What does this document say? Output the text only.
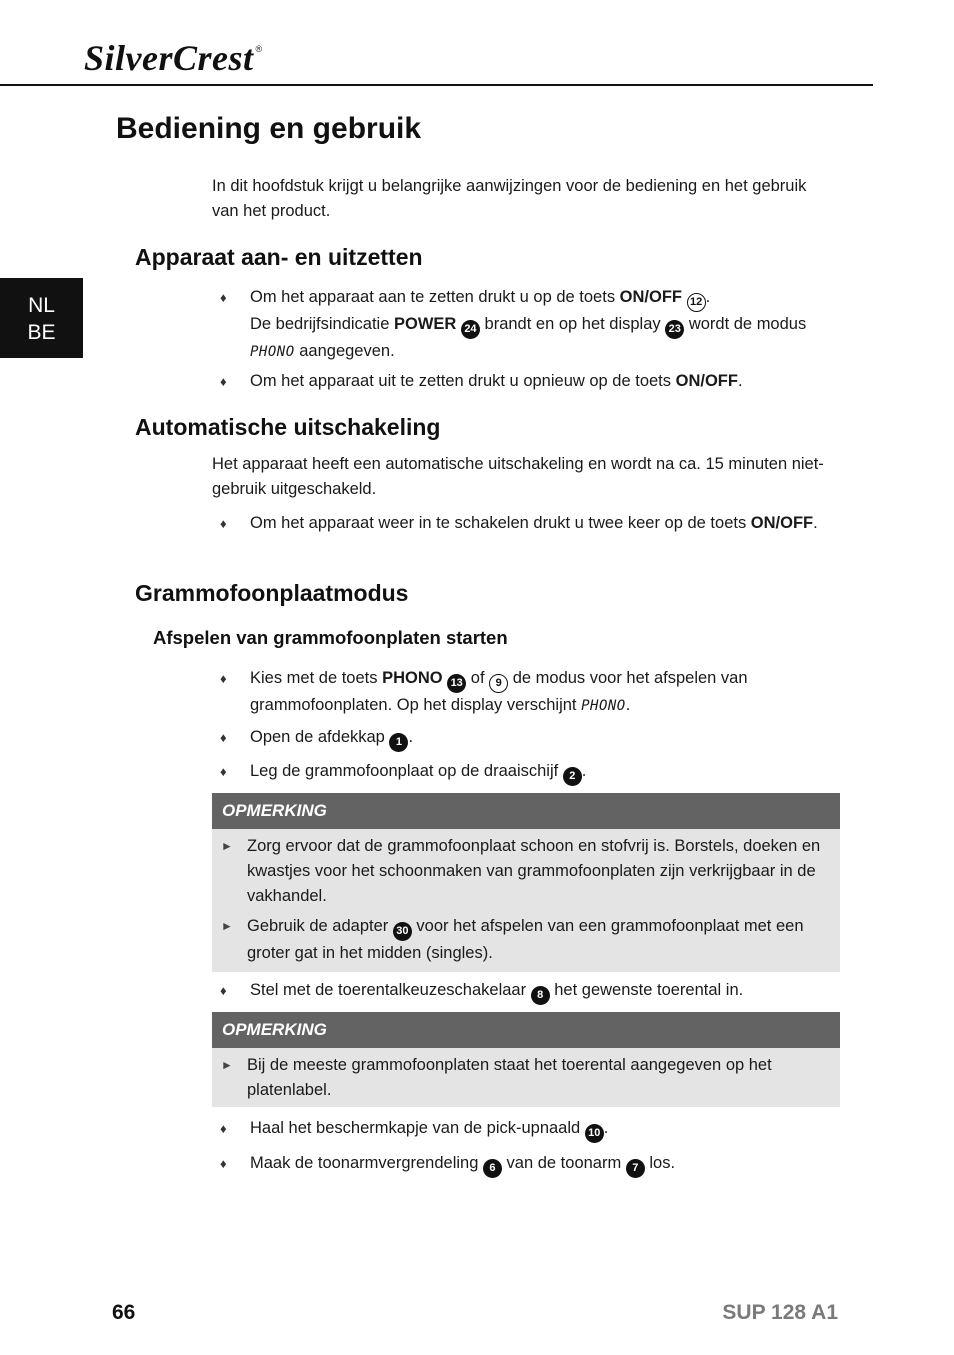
SilverCrest ®
NL
BE
Bediening en gebruik

In dit hoofdstuk krijgt u belangrijke aanwijzingen voor de bediening en het gebruik van het product.

Apparaat aan- en uitzetten
♦ Om het apparaat aan te zetten drukt u op de toets ON/OFF 12 .
De bedrijfsindicatie POWER 24 brandt en op het display 23 wordt de modus PHONO aangegeven.
♦ Om het apparaat uit te zetten drukt u opnieuw op de toets ON/OFF.
Automatische uitschakeling

Het apparaat heeft een automatische uitschakeling en wordt na ca. 15 minuten niet-gebruik uitgeschakeld.

♦ Om het apparaat weer in te schakelen drukt u twee keer op de toets ON/OFF.
Grammofoonplaatmodus
Afspelen van grammofoonplaten starten
♦ Kies met de toets PHONO 13 of 9 de modus voor het afspelen van grammofoonplaten. Op het display verschijnt PHONO.
♦ Open de afdekkap 1 .
♦ Leg de grammofoonplaat op de draaischijf 2 .
OPMERKING
► Zorg ervoor dat de grammofoonplaat schoon en stofvrij is. Borstels, doeken en kwastjes voor het schoonmaken van grammofoonplaten zijn verkrijgbaar in de vakhandel.
► Gebruik de adapter 30 voor het afspelen van een grammofoonplaat met een groter gat in het midden (singles).
♦ Stel met de toerentalkeuzeschakelaar 8 het gewenste toerental in.
OPMERKING
► Bij de meeste grammofoonplaten staat het toerental aangegeven op het platenlabel.
♦ Haal het beschermkapje van de pick-upnaald 10 .
♦ Maak de toonarmvergrendeling 6 van de toonarm 7 los.
66	SUP 128 A1
